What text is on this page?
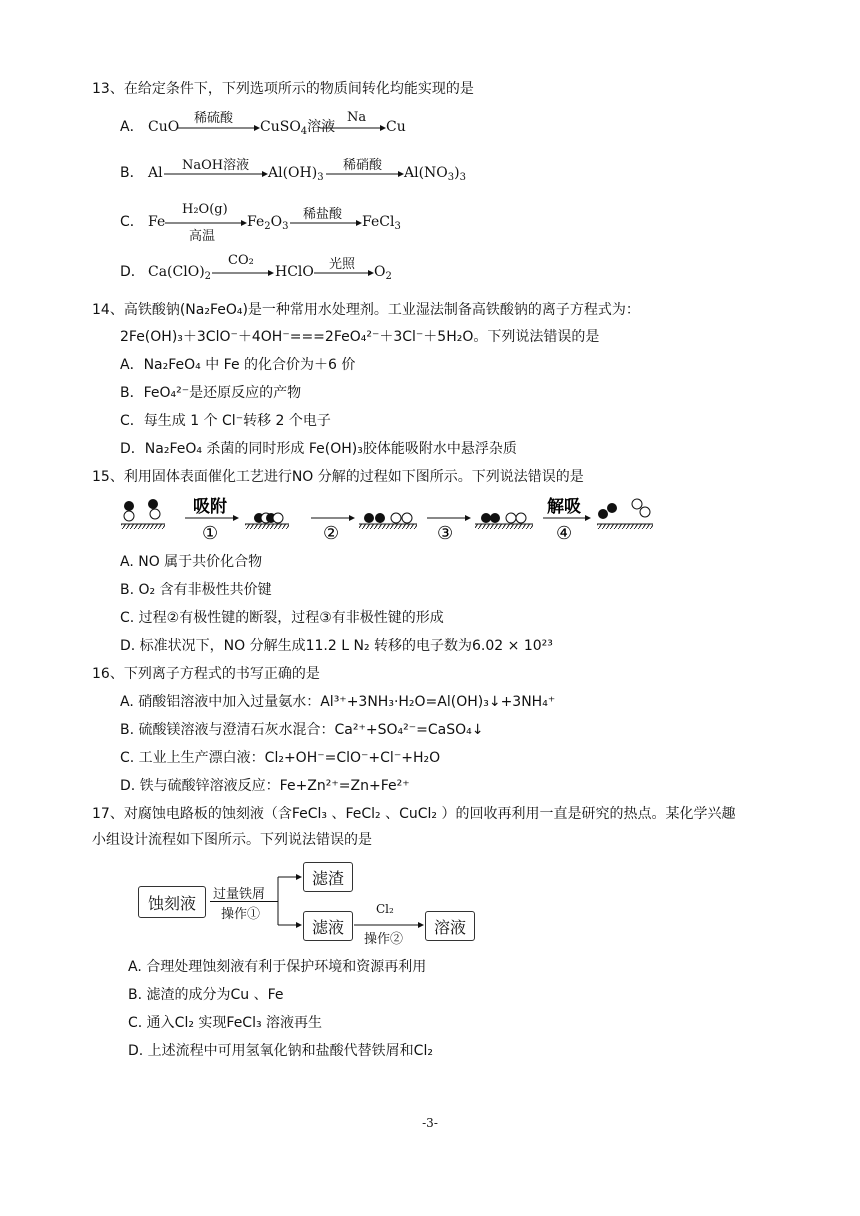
13、在给定条件下，下列选项所示的物质间转化均能实现的是
A． CuO
稀硫酸
CuSO$_4$溶液
Na
Cu
B． Al NaOH溶液 $Al(OH)_3$
稀硝酸 $Al(NO_3)_3$
C． Fe
H₂O(g)
高温
$Fe_2O_3$
稀盐酸 FeCl$_3$
D． $Ca(ClO)_2$
CO₂
HClO 光照 $O_2$
14、高铁酸钠(Na₂FeO₄)是一种常用水处理剂。工业湿法制备高铁酸钠的离子方程式为：
2Fe(OH)₃＋3ClO⁻＋4OH⁻===2FeO₄²⁻＋3Cl⁻＋5H₂O。下列说法错误的是
A．Na₂FeO₄ 中 Fe 的化合价为＋6 价
B．FeO₄²⁻是还原反应的产物
C．每生成 1 个 Cl⁻转移 2 个电子
D．Na₂FeO₄ 杀菌的同时形成 Fe(OH)₃胶体能吸附水中悬浮杂质
15、利用固体表面催化工艺进行NO 分解的过程如下图所示。下列说法错误的是
吸附
①	②	③
解吸
④
A. NO 属于共价化合物
B. O₂ 含有非极性共价键
C. 过程②有极性键的断裂，过程③有非极性键的形成
D. 标准状况下，NO 分解生成11.2 L N₂ 转移的电子数为6.02 × 10²³
16、下列离子方程式的书写正确的是
A. 硝酸铝溶液中加入过量氨水：Al³⁺+3NH₃·H₂O=Al(OH)₃↓+3NH₄⁺
B. 硫酸镁溶液与澄清石灰水混合：Ca²⁺+SO₄²⁻=CaSO₄↓
C. 工业上生产漂白液：Cl₂+OH⁻=ClO⁻+Cl⁻+H₂O
D. 铁与硫酸锌溶液反应：Fe+Zn²⁺=Zn+Fe²⁺
17、对腐蚀电路板的蚀刻液（含FeCl₃ 、FeCl₂ 、CuCl₂ ）的回收再利用一直是研究的热点。某化学兴趣
小组设计流程如下图所示。下列说法错误的是
蚀刻液	过量铁屑
操作①
滤渣
滤液
Cl₂
操作②
溶液
A. 合理处理蚀刻液有利于保护环境和资源再利用
B. 滤渣的成分为Cu 、Fe
C. 通入Cl₂ 实现FeCl₃ 溶液再生
D. 上述流程中可用氢氧化钠和盐酸代替铁屑和Cl₂
-3-
